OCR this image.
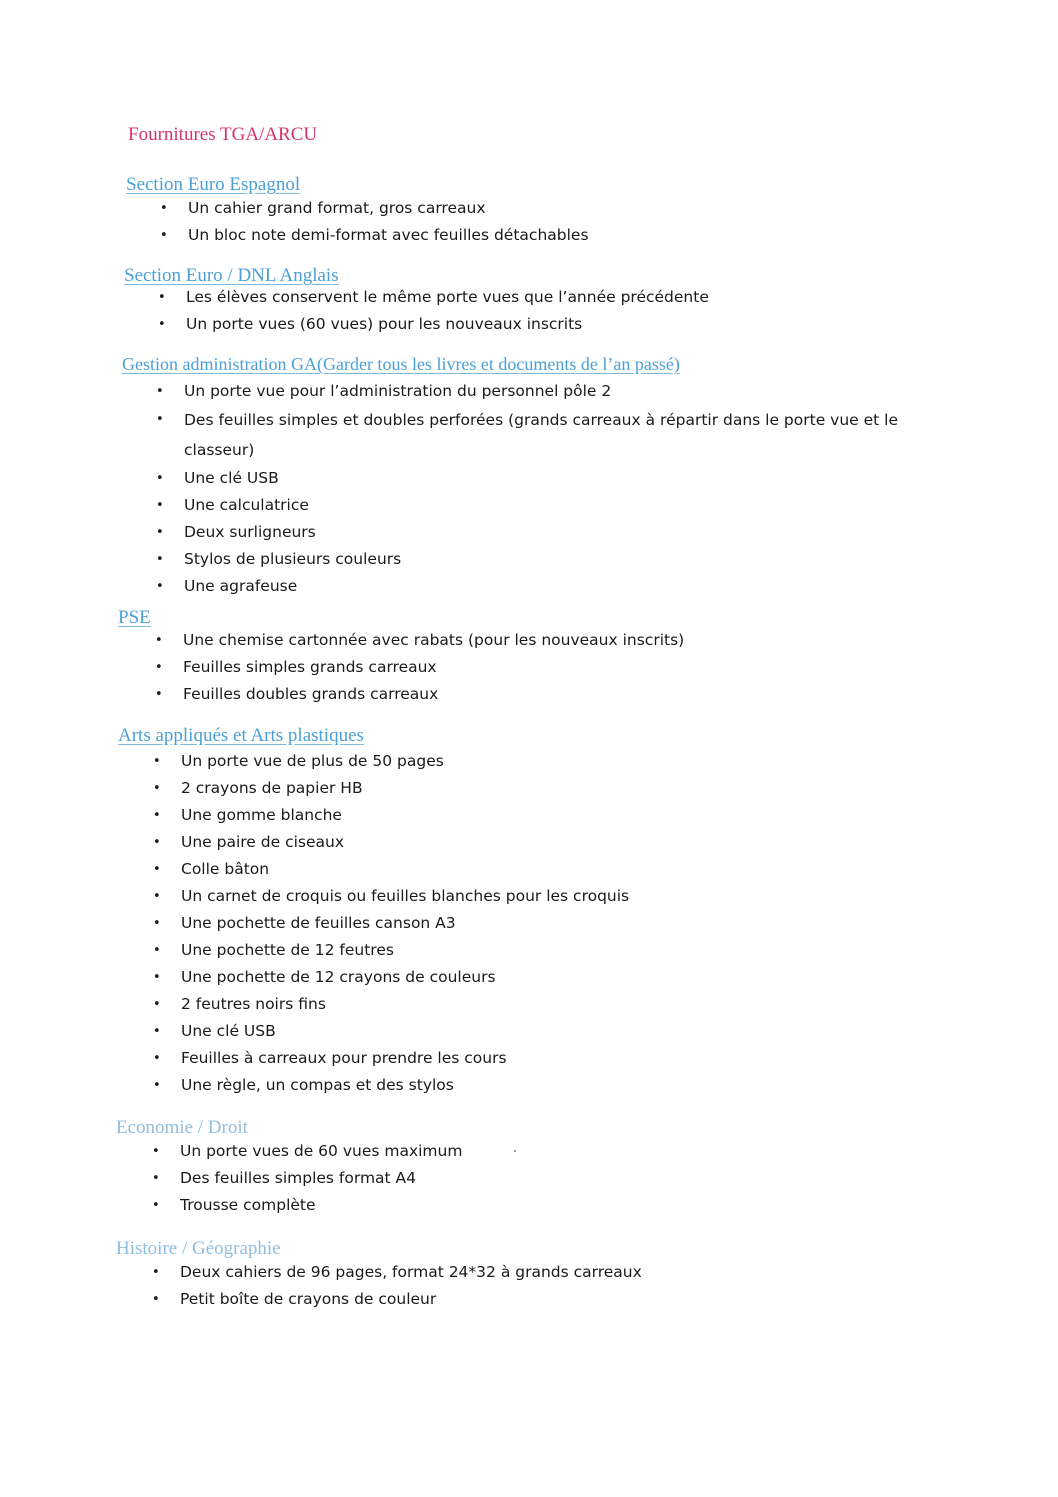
Fournitures TGA/ARCU
Section Euro Espagnol
• Un cahier grand format, gros carreaux
• Un bloc note demi-format avec feuilles détachables
Section Euro / DNL Anglais
• Les élèves conservent le même porte vues que l’année précédente
• Un porte vues (60 vues) pour les nouveaux inscrits
Gestion administration GA(Garder tous les livres et documents de l’an passé)
• Un porte vue pour l’administration du personnel pôle 2
• Des feuilles simples et doubles perforées (grands carreaux à répartir dans le porte vue et le classeur)
• Une clé USB
• Une calculatrice
• Deux surligneurs
• Stylos de plusieurs couleurs
• Une agrafeuse
PSE
• Une chemise cartonnée avec rabats (pour les nouveaux inscrits)
• Feuilles simples grands carreaux
• Feuilles doubles grands carreaux
Arts appliqués et Arts plastiques
• Un porte vue de plus de 50 pages
• 2 crayons de papier HB
• Une gomme blanche
• Une paire de ciseaux
• Colle bâton
• Un carnet de croquis ou feuilles blanches pour les croquis
• Une pochette de feuilles canson A3
• Une pochette de 12 feutres
• Une pochette de 12 crayons de couleurs
• 2 feutres noirs fins
• Une clé USB
• Feuilles à carreaux pour prendre les cours
• Une règle, un compas et des stylos
Economie / Droit
• Un porte vues de 60 vues maximum
• Des feuilles simples format A4
• Trousse complète
Histoire / Géographie
• Deux cahiers de 96 pages, format 24*32 à grands carreaux
• Petit boîte de crayons de couleur
